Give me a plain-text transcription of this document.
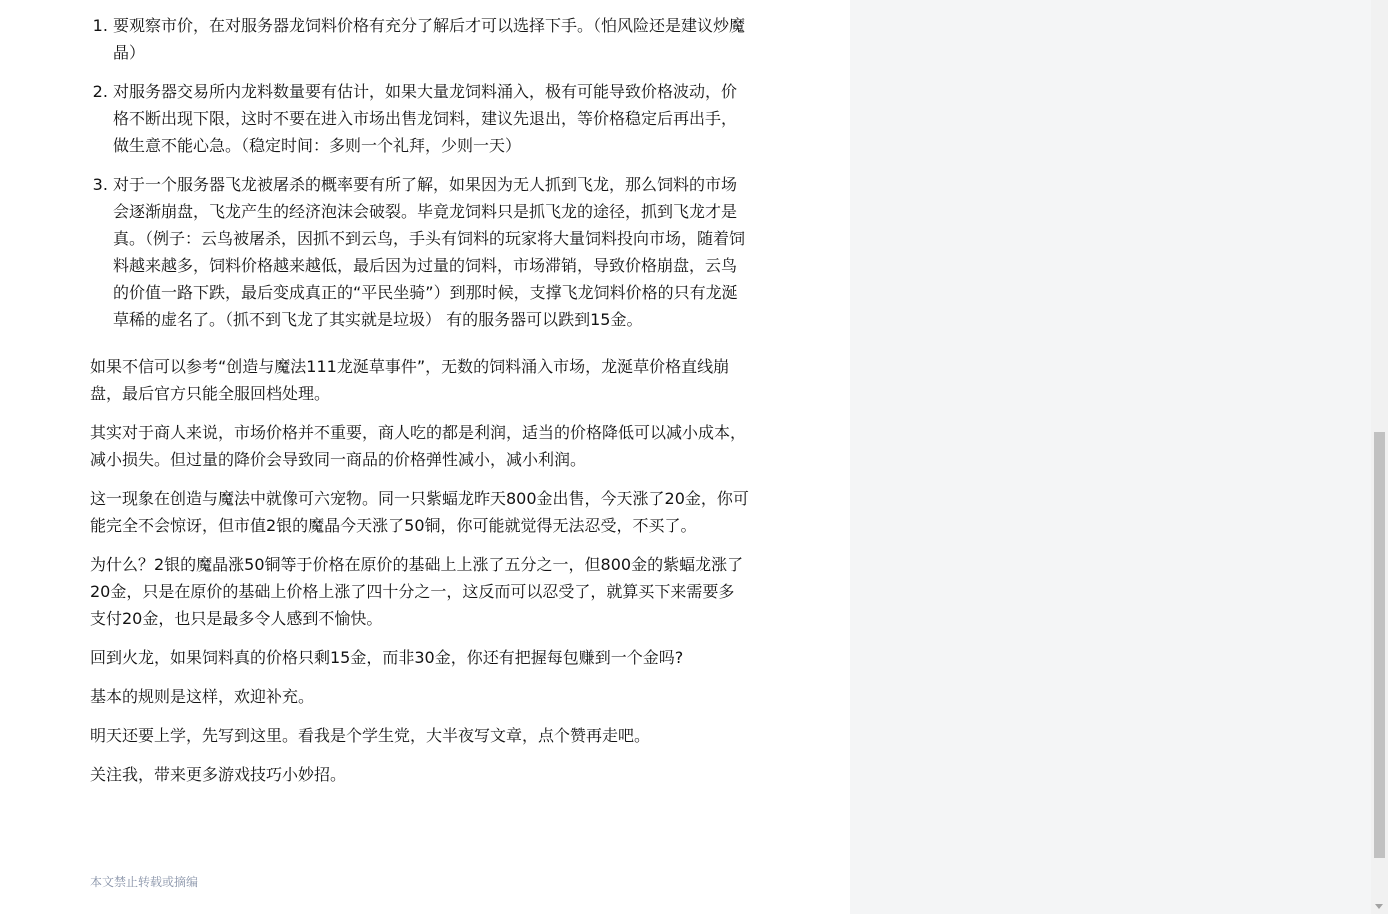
1. 要观察市价，在对服务器龙饲料价格有充分了解后才可以选择下手。（怕风险还是建议炒魔晶）
2. 对服务器交易所内龙料数量要有估计，如果大量龙饲料涌入，极有可能导致价格波动，价格不断出现下限，这时不要在进入市场出售龙饲料，建议先退出，等价格稳定后再出手，做生意不能心急。（稳定时间：多则一个礼拜，少则一天）
3. 对于一个服务器飞龙被屠杀的概率要有所了解，如果因为无人抓到飞龙，那么饲料的市场会逐渐崩盘，飞龙产生的经济泡沫会破裂。毕竟龙饲料只是抓飞龙的途径，抓到飞龙才是真。（例子：云鸟被屠杀，因抓不到云鸟，手头有饲料的玩家将大量饲料投向市场，随着饲料越来越多，饲料价格越来越低，最后因为过量的饲料，市场滞销，导致价格崩盘，云鸟的价值一路下跌，最后变成真正的“平民坐骑”）到那时候，支撑飞龙饲料价格的只有龙涎草稀的虚名了。（抓不到飞龙了其实就是垃圾） 有的服务器可以跌到15金。

如果不信可以参考“创造与魔法111龙涎草事件”，无数的饲料涌入市场，龙涎草价格直线崩盘，最后官方只能全服回档处理。

其实对于商人来说，市场价格并不重要，商人吃的都是利润，适当的价格降低可以减小成本，减小损失。但过量的降价会导致同一商品的价格弹性减小，减小利润。

这一现象在创造与魔法中就像可六宠物。同一只紫蝠龙昨天800金出售，今天涨了20金，你可能完全不会惊讶，但市值2银的魔晶今天涨了50铜，你可能就觉得无法忍受，不买了。

为什么？2银的魔晶涨50铜等于价格在原价的基础上上涨了五分之一，但800金的紫蝠龙涨了20金，只是在原价的基础上价格上涨了四十分之一，这反而可以忍受了，就算买下来需要多支付20金，也只是最多令人感到不愉快。

回到火龙，如果饲料真的价格只剩15金，而非30金，你还有把握每包赚到一个金吗?

基本的规则是这样，欢迎补充。

明天还要上学，先写到这里。看我是个学生党，大半夜写文章，点个赞再走吧。

关注我，带来更多游戏技巧小妙招。

本文禁止转载或摘编
